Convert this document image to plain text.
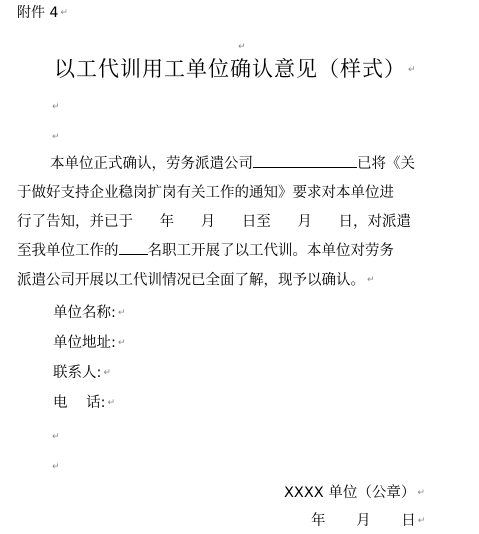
附件 4 ↵
↵
以工代训用工单位确认意见（样式） ↵
↵
↵
本单位正式确认，劳务派遣公司	已将《关
于做好支持企业稳岗扩岗有关工作的通知》要求对本单位进
行了告知，并已于 年 月 日至 月 日，对派遣
至我单位工作的 名职工开展了以工代训。本单位对劳务
派遣公司开展以工代训情况已全面了解，现予以确认。 ↵
单位名称: ↵
单位地址: ↵
联系人: ↵
电 话: ↵
↵
↵
XXXX 单位（公章） ↵
年 月 日 ↵
